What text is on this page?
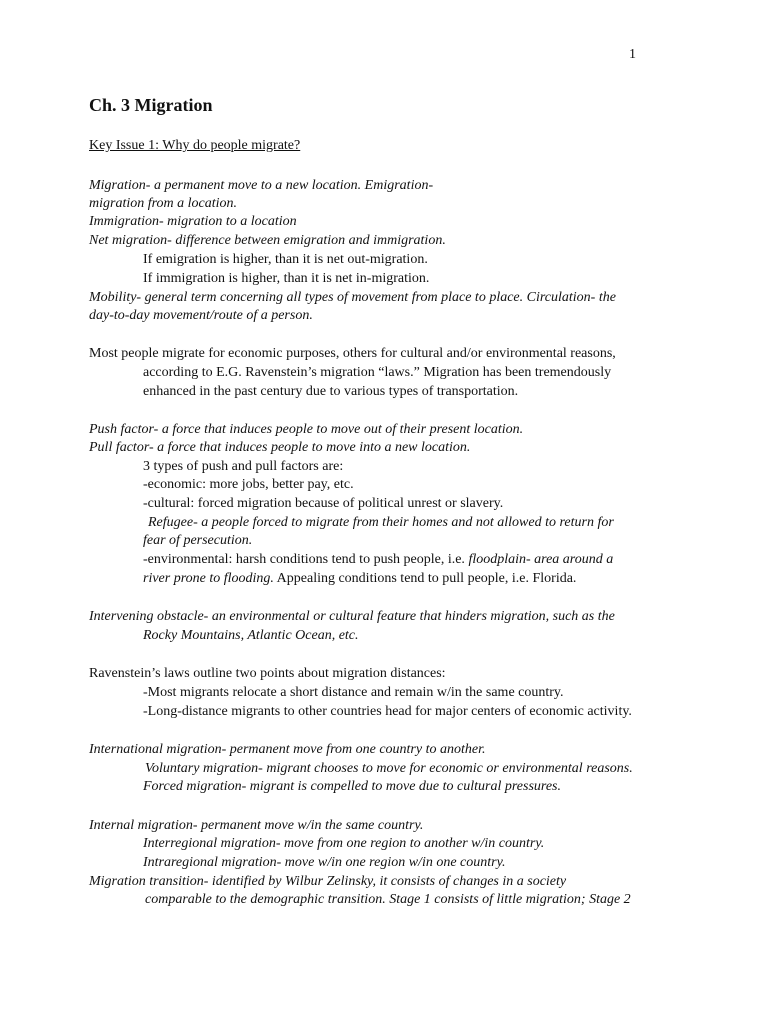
1
Ch. 3 Migration
Key Issue 1: Why do people migrate?
Migration- a permanent move to a new location. Emigration-
migration from a location.
Immigration- migration to a location
Net migration- difference between emigration and immigration.
If emigration is higher, than it is net out-migration.
If immigration is higher, than it is net in-migration.
Mobility- general term concerning all types of movement from place to place. Circulation- the
day-to-day movement/route of a person.
Most people migrate for economic purposes, others for cultural and/or environmental reasons,
according to E.G. Ravenstein’s migration “laws.” Migration has been tremendously
enhanced in the past century due to various types of transportation.
Push factor- a force that induces people to move out of their present location.
Pull factor- a force that induces people to move into a new location.
3 types of push and pull factors are:
-economic: more jobs, better pay, etc.
-cultural: forced migration because of political unrest or slavery.
Refugee- a people forced to migrate from their homes and not allowed to return for
fear of persecution.
-environmental: harsh conditions tend to push people, i.e. floodplain- area around a
river prone to flooding. Appealing conditions tend to pull people, i.e. Florida.
Intervening obstacle- an environmental or cultural feature that hinders migration, such as the
Rocky Mountains, Atlantic Ocean, etc.
Ravenstein’s laws outline two points about migration distances:
-Most migrants relocate a short distance and remain w/in the same country.
-Long-distance migrants to other countries head for major centers of economic activity.
International migration- permanent move from one country to another.
Voluntary migration- migrant chooses to move for economic or environmental reasons.
Forced migration- migrant is compelled to move due to cultural pressures.
Internal migration- permanent move w/in the same country.
Interregional migration- move from one region to another w/in country.
Intraregional migration- move w/in one region w/in one country.
Migration transition- identified by Wilbur Zelinsky, it consists of changes in a society
comparable to the demographic transition. Stage 1 consists of little migration; Stage 2
